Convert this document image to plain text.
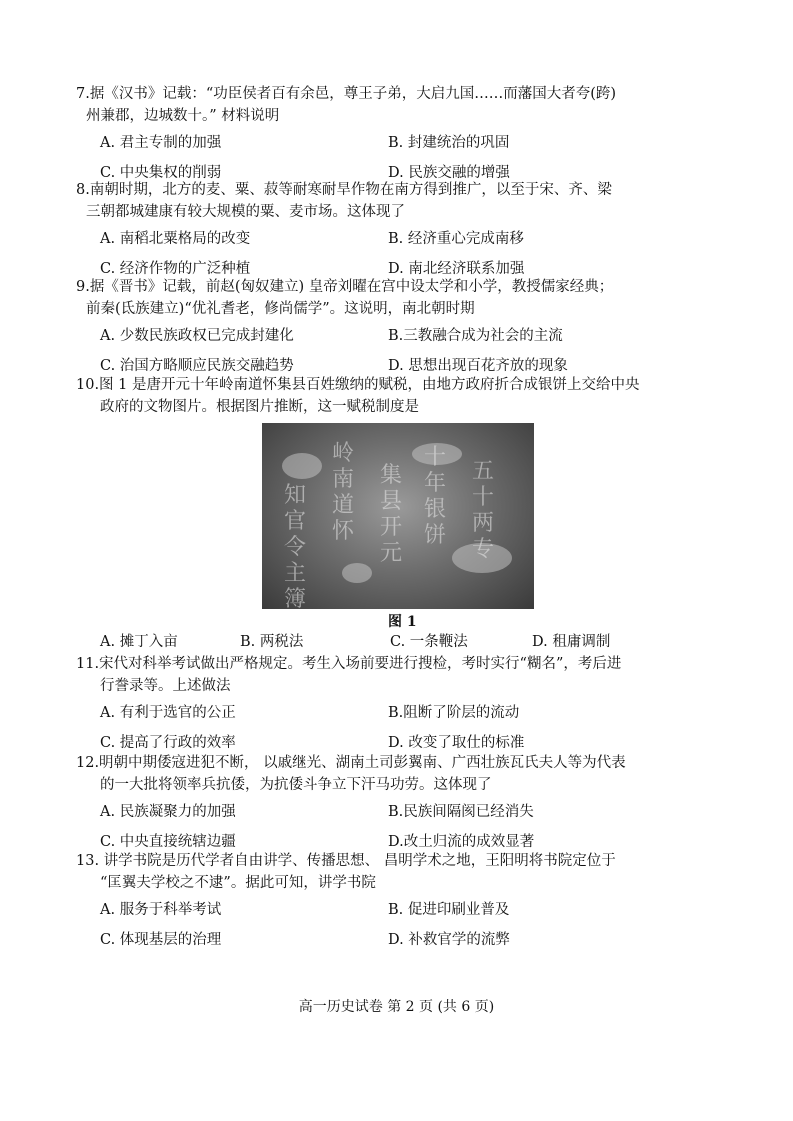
7.据《汉书》记载：“功臣侯者百有余邑，尊王子弟，大启九国……而藩国大者夸(跨)
州兼郡，边城数十。” 材料说明
A. 君主专制的加强	B. 封建统治的巩固
C. 中央集权的削弱	D. 民族交融的增强
8.南朝时期，北方的麦、粟、菽等耐寒耐旱作物在南方得到推广，以至于宋、齐、梁
三朝都城建康有较大规模的粟、麦市场。这体现了
A. 南稻北粟格局的改变	B. 经济重心完成南移
C. 经济作物的广泛种植	D. 南北经济联系加强
9.据《晋书》记载，前赵(匈奴建立) 皇帝刘曜在宫中设太学和小学，教授儒家经典；
前秦(氐族建立)“优礼耆老，修尚儒学”。这说明，南北朝时期
A. 少数民族政权已完成封建化	B.三教融合成为社会的主流
C. 治国方略顺应民族交融趋势	D. 思想出现百花齐放的现象
10.图 1 是唐开元十年岭南道怀集县百姓缴纳的赋税，由地方政府折合成银饼上交给中央
政府的文物图片。根据图片推断，这一赋税制度是
岭
南
道
怀
集
县
开
元
十
年
银
饼
五
十
两
专
知
官
令
主
簿
图 1
A. 摊丁入亩	B. 两税法	C. 一条鞭法	D. 租庸调制
11.宋代对科举考试做出严格规定。考生入场前要进行搜检，考时实行“糊名”，考后进
行誊录等。上述做法
A. 有利于选官的公正	B.阻断了阶层的流动
C. 提高了行政的效率	D. 改变了取仕的标准
12.明朝中期倭寇进犯不断， 以戚继光、湖南土司彭翼南、广西壮族瓦氏夫人等为代表
的一大批将领率兵抗倭，为抗倭斗争立下汗马功劳。这体现了
A. 民族凝聚力的加强	B.民族间隔阂已经消失
C. 中央直接统辖边疆	D.改土归流的成效显著
13. 讲学书院是历代学者自由讲学、传播思想、 昌明学术之地，王阳明将书院定位于
“匡翼夫学校之不逮”。据此可知，讲学书院
A. 服务于科举考试	B. 促进印刷业普及
C. 体现基层的治理	D. 补救官学的流弊
高一历史试卷 第 2 页 (共 6 页)
